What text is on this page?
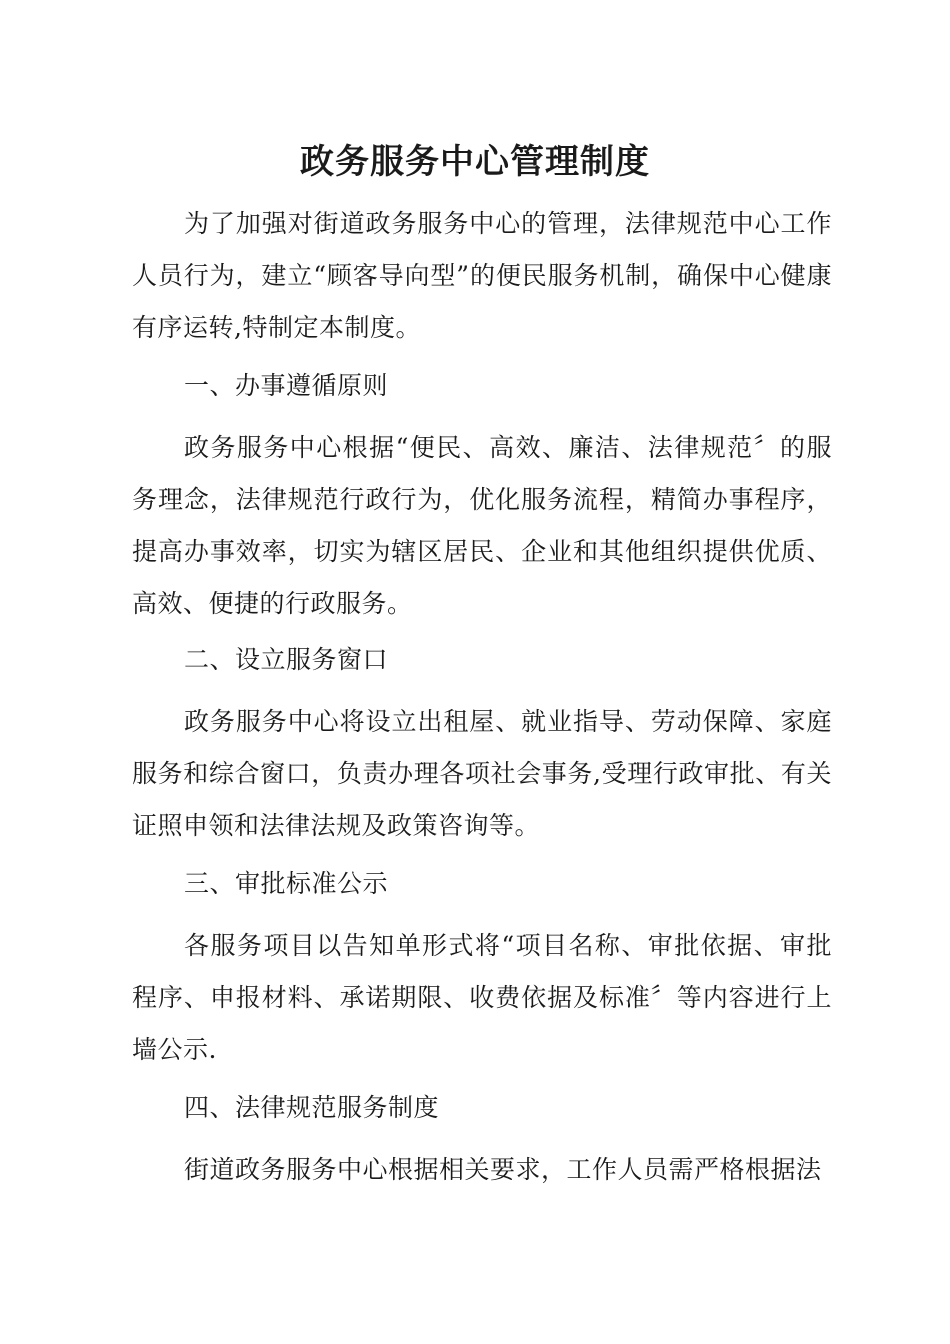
政务服务中心管理制度

为了加强对街道政务服务中心的管理，法律规范中心工作人员行为，建立“顾客导向型”的便民服务机制，确保中心健康有序运转,特制定本制度。

一、办事遵循原则

政务服务中心根据“便民、高效、廉洁、法律规范〞的服务理念，法律规范行政行为，优化服务流程，精简办事程序，提高办事效率，切实为辖区居民、企业和其他组织提供优质、高效、便捷的行政服务。

二、设立服务窗口

政务服务中心将设立出租屋、就业指导、劳动保障、家庭服务和综合窗口，负责办理各项社会事务,受理行政审批、有关证照申领和法律法规及政策咨询等。

三、审批标准公示

各服务项目以告知单形式将“项目名称、审批依据、审批程序、申报材料、承诺期限、收费依据及标准〞等内容进行上墙公示.

四、法律规范服务制度

街道政务服务中心根据相关要求，工作人员需严格根据法
